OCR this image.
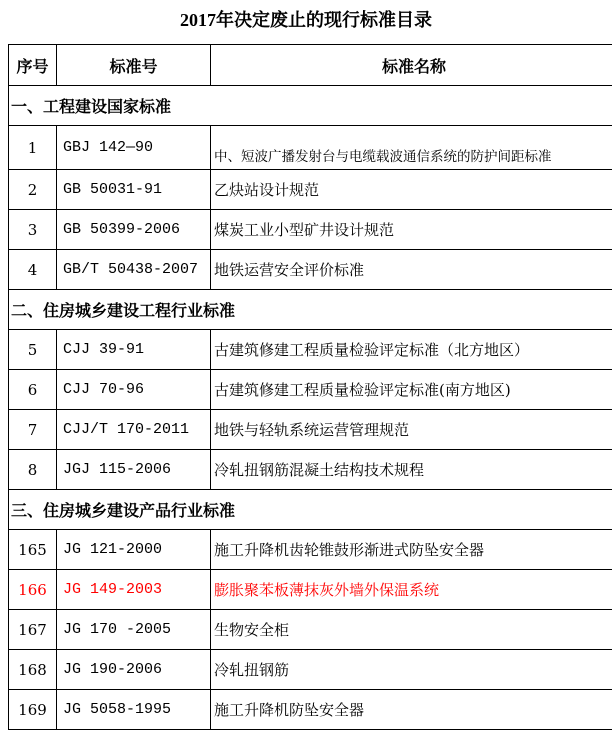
2017年决定废止的现行标准目录
序号	标准号	标准名称
一、工程建设国家标准		
1	GBJ 142—90	中、短波广播发射台与电缆载波通信系统的防护间距标准
2	GB 50031-91	乙炔站设计规范
3	GB 50399-2006	煤炭工业小型矿井设计规范
4	GB/T 50438-2007	地铁运营安全评价标准
二、住房城乡建设工程行业标准		
5	CJJ 39-91	古建筑修建工程质量检验评定标准（北方地区）
6	CJJ 70-96	古建筑修建工程质量检验评定标准(南方地区)
7	CJJ/T 170-2011	地铁与轻轨系统运营管理规范
8	JGJ 115-2006	冷轧扭钢筋混凝土结构技术规程
三、住房城乡建设产品行业标准		
165	JG 121-2000	施工升降机齿轮锥鼓形渐进式防坠安全器
166	JG 149-2003	膨胀聚苯板薄抹灰外墙外保温系统
167	JG 170 -2005	生物安全柜
168	JG 190-2006	冷轧扭钢筋
169	JG 5058-1995	施工升降机防坠安全器
